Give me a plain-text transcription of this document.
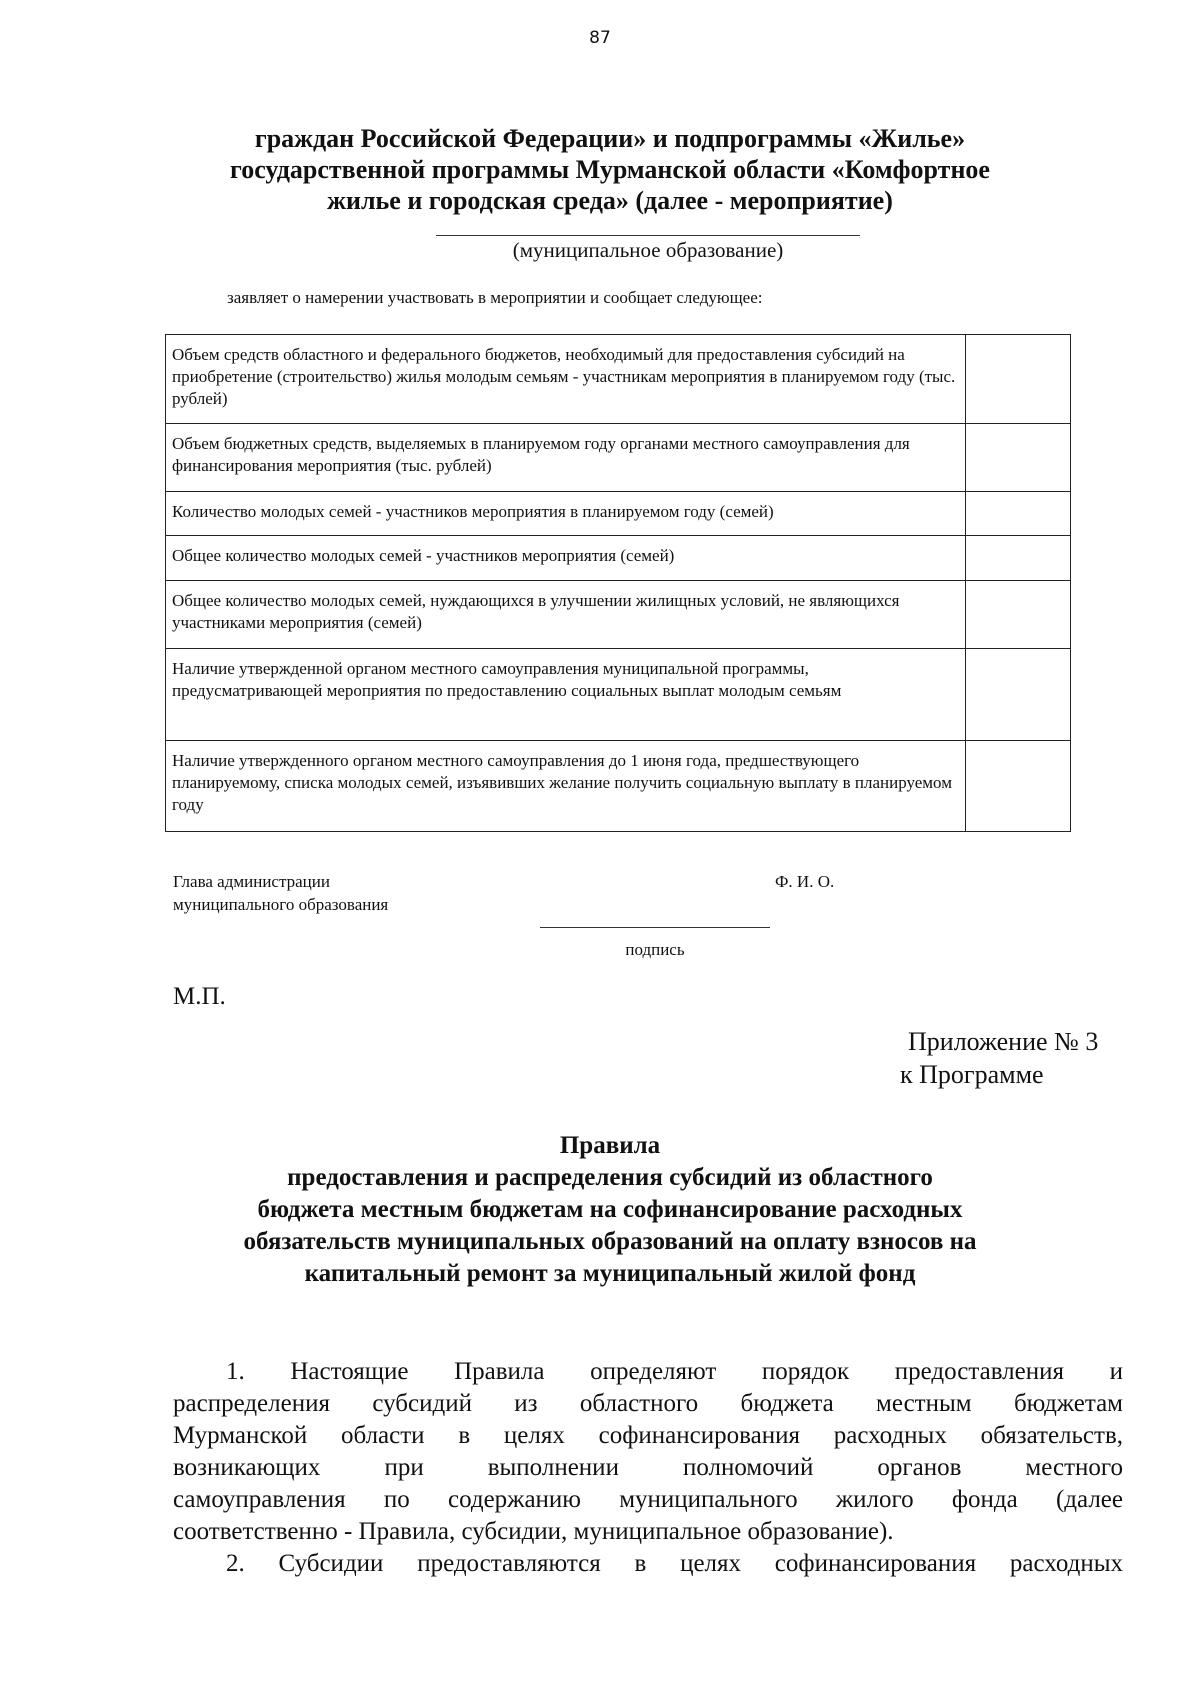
87
граждан Российской Федерации» и подпрограммы «Жилье»
государственной программы Мурманской области «Комфортное
жилье и городская среда» (далее - мероприятие)
(муниципальное образование)
заявляет о намерении участвовать в мероприятии и сообщает следующее:
Объем средств областного и федерального бюджетов, необходимый для предоставления субсидий на приобретение (строительство) жилья молодым семьям - участникам мероприятия в планируемом году (тыс. рублей)	
Объем бюджетных средств, выделяемых в планируемом году органами местного самоуправления для финансирования мероприятия (тыс. рублей)	
Количество молодых семей - участников мероприятия в планируемом году (семей)	
Общее количество молодых семей - участников мероприятия (семей)	
Общее количество молодых семей, нуждающихся в улучшении жилищных условий, не являющихся участниками мероприятия (семей)	
Наличие утвержденной органом местного самоуправления муниципальной программы, предусматривающей мероприятия по предоставлению социальных выплат молодым семьям	
Наличие утвержденного органом местного самоуправления до 1 июня года, предшествующего планируемому, списка молодых семей, изъявивших желание получить социальную выплату в планируемом году	
Глава администрации
муниципального образования
Ф. И. О.
подпись
М.П.
Приложение № 3
к Программе
Правила
предоставления и распределения субсидий из областного
бюджета местным бюджетам на софинансирование расходных
обязательств муниципальных образований на оплату взносов на
капитальный ремонт за муниципальный жилой фонд
1. Настоящие Правила определяют порядок предоставления и
распределения субсидий из областного бюджета местным бюджетам
Мурманской области в целях софинансирования расходных обязательств,
возникающих при выполнении полномочий органов местного
самоуправления по содержанию муниципального жилого фонда (далее
соответственно - Правила, субсидии, муниципальное образование).
2. Субсидии предоставляются в целях софинансирования расходных
